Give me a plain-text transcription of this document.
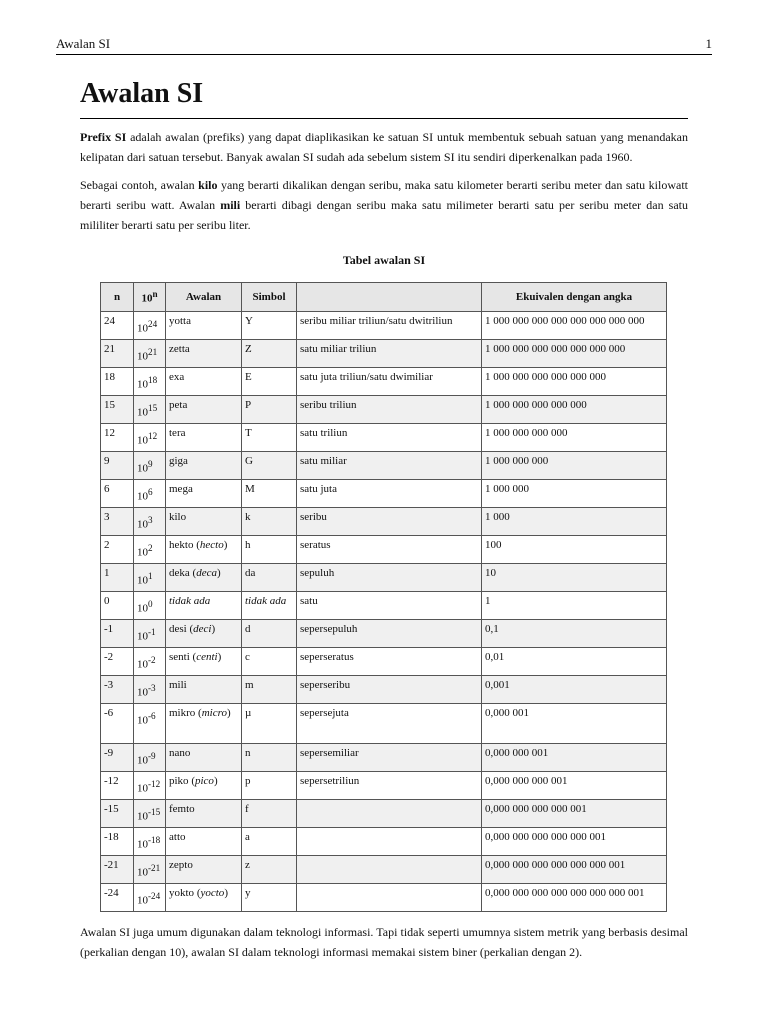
Awalan SI	1
Awalan SI

Prefix SI adalah awalan (prefiks) yang dapat diaplikasikan ke satuan SI untuk membentuk sebuah satuan yang menandakan kelipatan dari satuan tersebut. Banyak awalan SI sudah ada sebelum sistem SI itu sendiri diperkenalkan pada 1960.

Sebagai contoh, awalan kilo yang berarti dikalikan dengan seribu, maka satu kilometer berarti seribu meter dan satu kilowatt berarti seribu watt. Awalan mili berarti dibagi dengan seribu maka satu milimeter berarti satu per seribu meter dan satu mililiter berarti satu per seribu liter.

Tabel awalan SI
n	10$^n$	Awalan	Simbol		Ekuivalen dengan angka
24	$10^{24}$	yotta	Y	seribu miliar triliun/satu dwitriliun	1 000 000 000 000 000 000 000 000
21	$10^{21}$	zetta	Z	satu miliar triliun	1 000 000 000 000 000 000 000
18	$10^{18}$	exa	E	satu juta triliun/satu dwimiliar	1 000 000 000 000 000 000
15	$10^{15}$	peta	P	seribu triliun	1 000 000 000 000 000
12	$10^{12}$	tera	T	satu triliun	1 000 000 000 000
9	$10^9$	giga	G	satu miliar	1 000 000 000
6	$10^6$	mega	M	satu juta	1 000 000
3	$10^3$	kilo	k	seribu	1 000
2	$10^2$	hekto (hecto)	h	seratus	100
1	$10^1$	deka (deca)	da	sepuluh	10
0	$10^0$	tidak ada	tidak ada	satu	1
-1	$10^{-1}$	desi (deci)	d	sepersepuluh	0,1
-2	$10^{-2}$	senti (centi)	c	seperseratus	0,01
-3	$10^{-3}$	mili	m	seperseribu	0,001
-6	$10^{-6}$	mikro (micro)	µ	sepersejuta	0,000 001
-9	$10^{-9}$	nano	n	sepersemiliar	0,000 000 001
-12	$10^{-12}$	piko (pico)	p	sepersetriliun	0,000 000 000 001
-15	$10^{-15}$	femto	f		0,000 000 000 000 001
-18	$10^{-18}$	atto	a		0,000 000 000 000 000 001
-21	$10^{-21}$	zepto	z		0,000 000 000 000 000 000 001
-24	$10^{-24}$	yokto (yocto)	y		0,000 000 000 000 000 000 000 001

Awalan SI juga umum digunakan dalam teknologi informasi. Tapi tidak seperti umumnya sistem metrik yang berbasis desimal (perkalian dengan 10), awalan SI dalam teknologi informasi memakai sistem biner (perkalian dengan 2).
